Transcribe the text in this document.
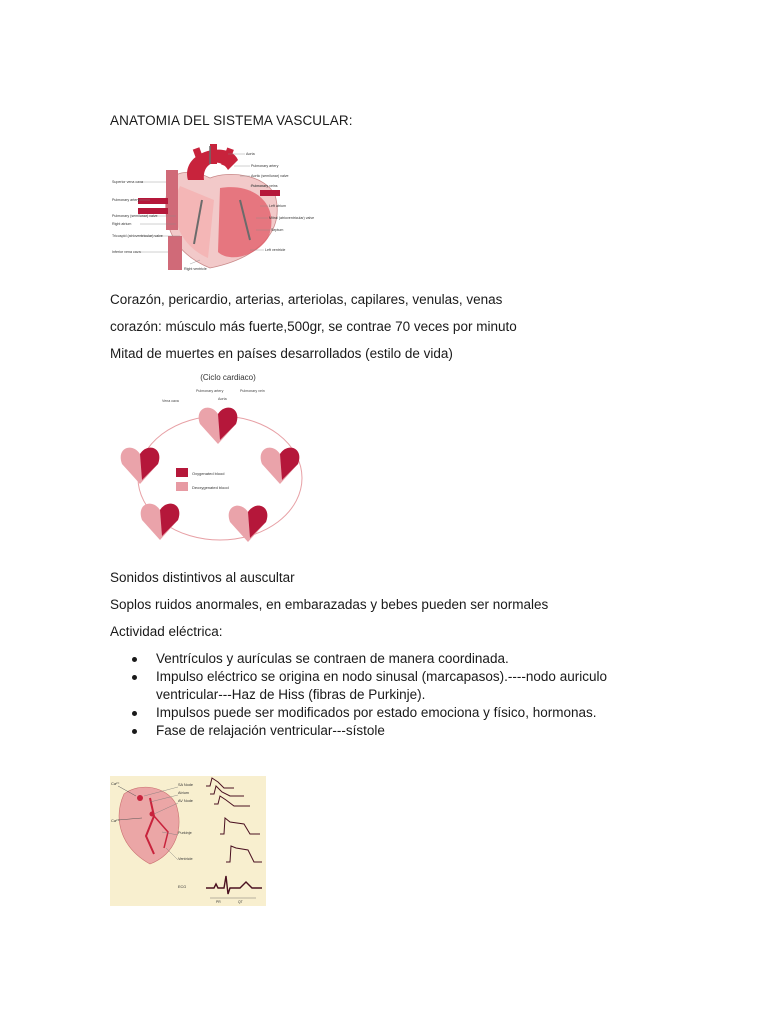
ANATOMIA DEL SISTEMA VASCULAR:
Aorta
Pulmonary artery
Aortic (semilunar) valve
Pulmonary veins
Left atrium
Mitral (atrioventricular) valve
Septum
Left ventricle
Superior vena cava
Pulmonary artery
Pulmonary (semilunar) valve
Right atrium
Tricuspid (atrioventricular) valve
Inferior vena cava
Right ventricle
Corazón, pericardio, arterias, arteriolas, capilares, venulas, venas
corazón: músculo más fuerte,500gr, se contrae 70 veces por minuto
Mitad de muertes en países desarrollados (estilo de vida)
(Ciclo cardiaco)
Vena cava
Pulmonary artery
Aorta
Pulmonary vein
Oxygenated blood
Deoxygenated blood
Sonidos distintivos al auscultar
Soplos ruidos anormales, en embarazadas y bebes pueden ser normales
Actividad eléctrica:
Ventrículos y aurículas se contraen de manera coordinada.
Impulso eléctrico se origina en nodo sinusal (marcapasos).----nodo auriculo ventricular---Haz de Hiss (fibras de Purkinje).
Impulsos puede ser modificados por estado emociona y físico, hormonas.
Fase de relajación ventricular---sístole
Ca²⁺
Ca²⁺
SA Node
Atrium
AV Node
Purkinje
Ventricle
ECG
PR	QT
